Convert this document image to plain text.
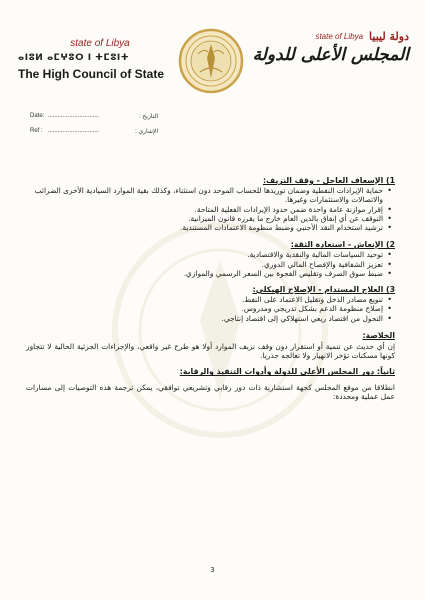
state of Libya
ⴰⵏⵓⵍ ⴰⵎⵖⵓⵔ ⵏ ⵜⵎⵓⵏⵜ
The High Council of State
state of Libya دولة ليبيا
المجلس الأعلى للدولة
Date: ...............................	التاريخ :
Ref : ...............................	الإشاري :

1) الإسعاف العاجل - وقف النزيف:

• حماية الإيرادات النفطية وضمان توريدها للحساب الموحد دون استثناء، وكذلك بقية الموارد السيادية الأخرى الضرائب والاتصالات والاستثمارات وغيرها.
• إقرار موازنة عامة واحدة ضمن حدود الإيرادات الفعلية المتاحة.
• التوقف عن أي إنفاق بالدين العام خارج ما يقرره قانون الميزانية.
• ترشيد استخدام النقد الأجنبي وضبط منظومة الاعتمادات المستندية.

2) الإنعاش - استعادة الثقة:

• توحيد السياسات المالية والنقدية والاقتصادية.
• تعزيز الشفافية والإفصاح المالي الدوري.
• ضبط سوق الصرف وتقليص الفجوة بين السعر الرسمي والموازي.

3) العلاج المستدام - الإصلاح الهيكلي:

• تنويع مصادر الدخل وتقليل الاعتماد على النفط.
• إصلاح منظومة الدعم بشكل تدريجي ومدروس.
• التحول من اقتصاد ريعي استهلاكي إلى اقتصاد إنتاجي.

الخلاصة:

إن أي حديث عن تنمية أو استقرار دون وقف نزيف الموارد أولا هو طرح غير واقعي، والإجراءات الجزئية الحالية لا تتجاوز كونها مسكنات تؤخر الانهيار ولا تعالجه جذريا.

ثانياً: دور المجلس الأعلى للدولة وأدوات التنفيذ والرقابة:

انطلاقا من موقع المجلس كجهة استشارية ذات دور رقابي وتشريعي توافقي، يمكن ترجمة هذه التوصيات إلى مسارات عمل عملية ومحددة:

3
